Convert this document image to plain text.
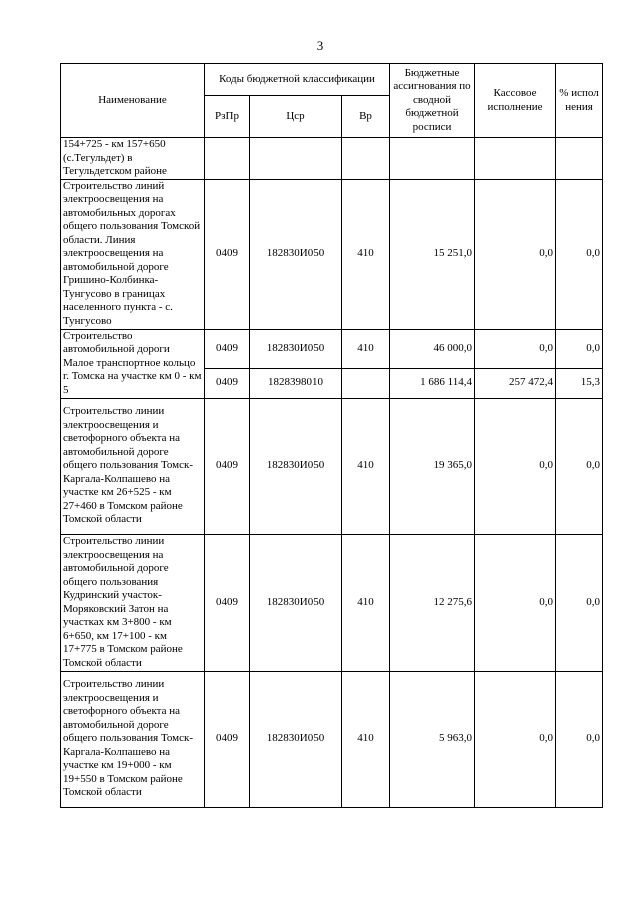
3
Наименование	Коды бюджетной классификации			Бюджетные ассигнования по сводной бюджетной росписи	Кассовое исполнение	% испол нения
	РзПр	Цср	Вр			
154+725 - км 157+650 (с.Тегульдет) в Тегульдетском районе						
Строительство линий электроосвещения на автомобильных дорогах общего пользования Томской области. Линия электроосвещения на автомобильной дороге Гришино-Колбинка-Тунгусово в границах населенного пункта - с. Тунгусово	0409	182830И050	410	15 251,0	0,0	0,0
Строительство автомобильной дороги Малое транспортное кольцо г. Томска на участке км 0 - км 5	0409	182830И050	410	46 000,0	0,0	0,0
	0409	1828398010		1 686 114,4	257 472,4	15,3
Строительство линии электроосвещения и светофорного объекта на автомобильной дороге общего пользования Томск-Каргала-Колпашево на участке км 26+525 - км 27+460 в Томском районе Томской области	0409	182830И050	410	19 365,0	0,0	0,0
Строительство линии электроосвещения на автомобильной дороге общего пользования Кудринский участок-Моряковский Затон на участках км 3+800 - км 6+650, км 17+100 - км 17+775 в Томском районе Томской области	0409	182830И050	410	12 275,6	0,0	0,0
Строительство линии электроосвещения и светофорного объекта на автомобильной дороге общего пользования Томск-Каргала-Колпашево на участке км 19+000 - км 19+550 в Томском районе Томской области	0409	182830И050	410	5 963,0	0,0	0,0
